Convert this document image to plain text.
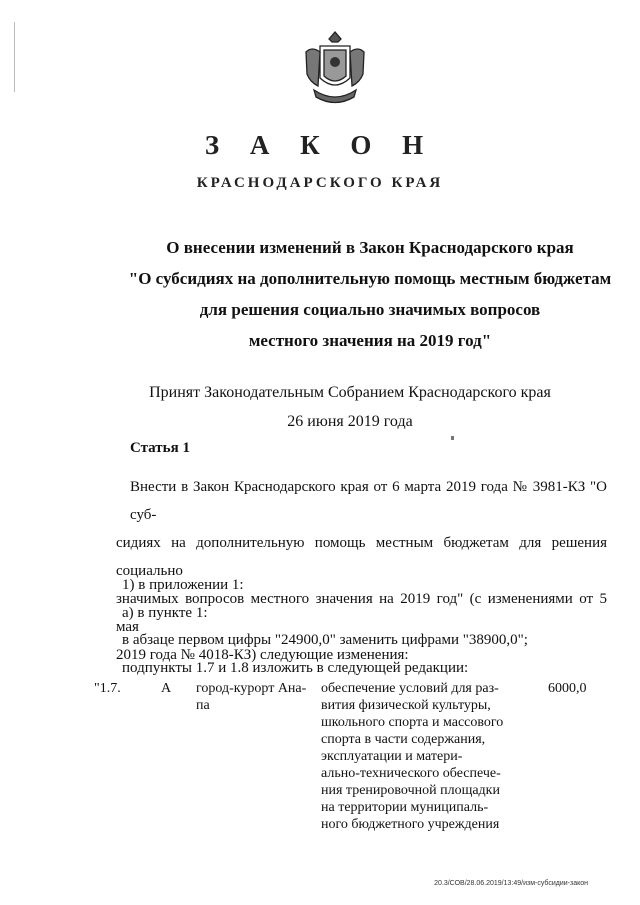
З А К О Н
КРАСНОДАРСКОГО КРАЯ
О внесении изменений в Закон Краснодарского края
"О субсидиях на дополнительную помощь местным бюджетам
для решения социально значимых вопросов
местного значения на 2019 год"
Принят Законодательным Собранием Краснодарского края
26 июня 2019 года
Статья 1
Внести в Закон Краснодарского края от 6 марта 2019 года № 3981-КЗ "О суб-
сидиях на дополнительную помощь местным бюджетам для решения социально
значимых вопросов местного значения на 2019 год" (с изменениями от 5 мая
2019 года № 4018-КЗ) следующие изменения:
1) в приложении 1:
а) в пункте 1:
в абзаце первом цифры "24900,0" заменить цифрами "38900,0";
подпункты 1.7 и 1.8 изложить в следующей редакции:
"1.7.	А город-курорт Ана-
па
обеспечение условий для раз-
вития физической культуры,
школьного спорта и массового
спорта в части содержания,
эксплуатации и матери-
ально-технического обеспече-
ния тренировочной площадки
на территории муниципаль-
ного бюджетного учреждения
6000,0
20.3/СОВ/28.06.2019/13:49/изм-субсидии-закон
